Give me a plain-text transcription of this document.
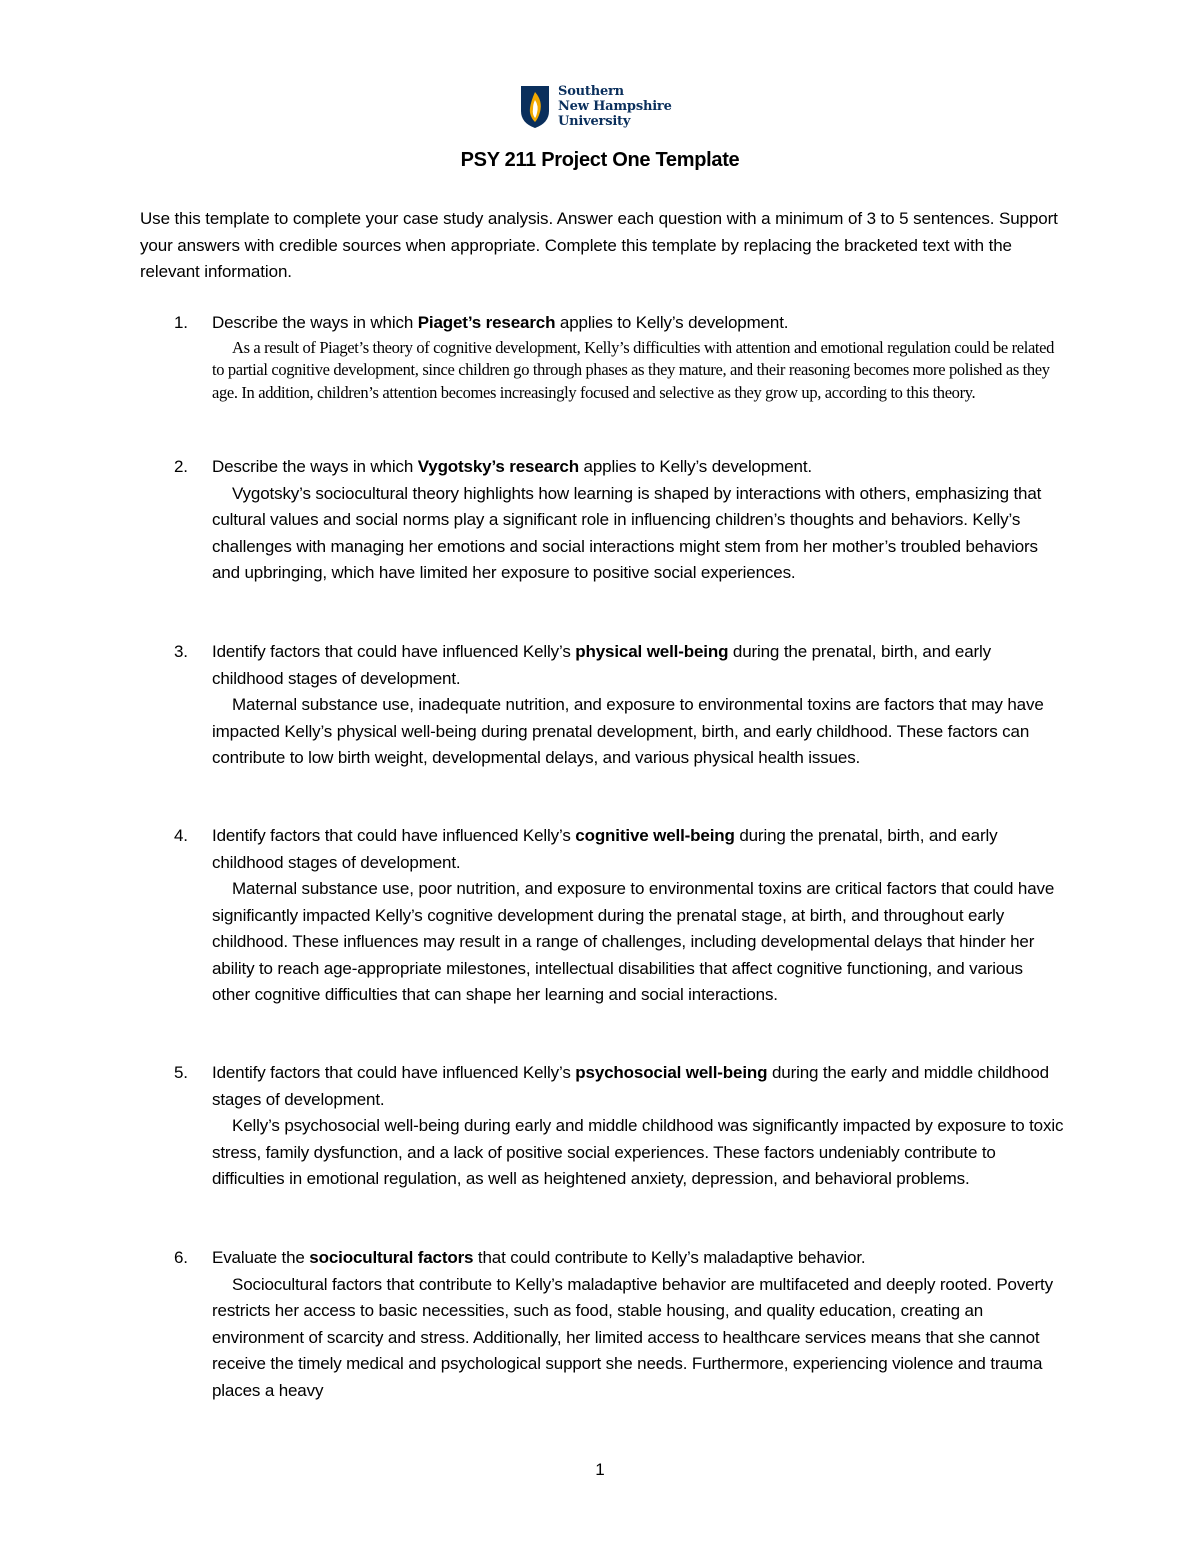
Southern
New Hampshire
University
PSY 211 Project One Template
Use this template to complete your case study analysis. Answer each question with a minimum of 3 to 5 sentences. Support your answers with credible sources when appropriate. Complete this template by replacing the bracketed text with the relevant information.
1. Describe the ways in which Piaget’s research applies to Kelly’s development.
As a result of Piaget’s theory of cognitive development, Kelly’s difficulties with attention and emotional regulation could be related to partial cognitive development, since children go through phases as they mature, and their reasoning becomes more polished as they age. In addition, children’s attention becomes increasingly focused and selective as they grow up, according to this theory.
2. Describe the ways in which Vygotsky’s research applies to Kelly’s development.
Vygotsky’s sociocultural theory highlights how learning is shaped by interactions with others, emphasizing that cultural values and social norms play a significant role in influencing children’s thoughts and behaviors. Kelly’s challenges with managing her emotions and social interactions might stem from her mother’s troubled behaviors and upbringing, which have limited her exposure to positive social experiences.
3. Identify factors that could have influenced Kelly’s physical well-being during the prenatal, birth, and early childhood stages of development.
Maternal substance use, inadequate nutrition, and exposure to environmental toxins are factors that may have impacted Kelly’s physical well-being during prenatal development, birth, and early childhood. These factors can contribute to low birth weight, developmental delays, and various physical health issues.
4. Identify factors that could have influenced Kelly’s cognitive well-being during the prenatal, birth, and early childhood stages of development.
Maternal substance use, poor nutrition, and exposure to environmental toxins are critical factors that could have significantly impacted Kelly’s cognitive development during the prenatal stage, at birth, and throughout early childhood. These influences may result in a range of challenges, including developmental delays that hinder her ability to reach age-appropriate milestones, intellectual disabilities that affect cognitive functioning, and various other cognitive difficulties that can shape her learning and social interactions.
5. Identify factors that could have influenced Kelly’s psychosocial well-being during the early and middle childhood stages of development.
Kelly’s psychosocial well-being during early and middle childhood was significantly impacted by exposure to toxic stress, family dysfunction, and a lack of positive social experiences. These factors undeniably contribute to difficulties in emotional regulation, as well as heightened anxiety, depression, and behavioral problems.
6. Evaluate the sociocultural factors that could contribute to Kelly’s maladaptive behavior.
Sociocultural factors that contribute to Kelly’s maladaptive behavior are multifaceted and deeply rooted. Poverty restricts her access to basic necessities, such as food, stable housing, and quality education, creating an environment of scarcity and stress. Additionally, her limited access to healthcare services means that she cannot receive the timely medical and psychological support she needs. Furthermore, experiencing violence and trauma places a heavy
1
